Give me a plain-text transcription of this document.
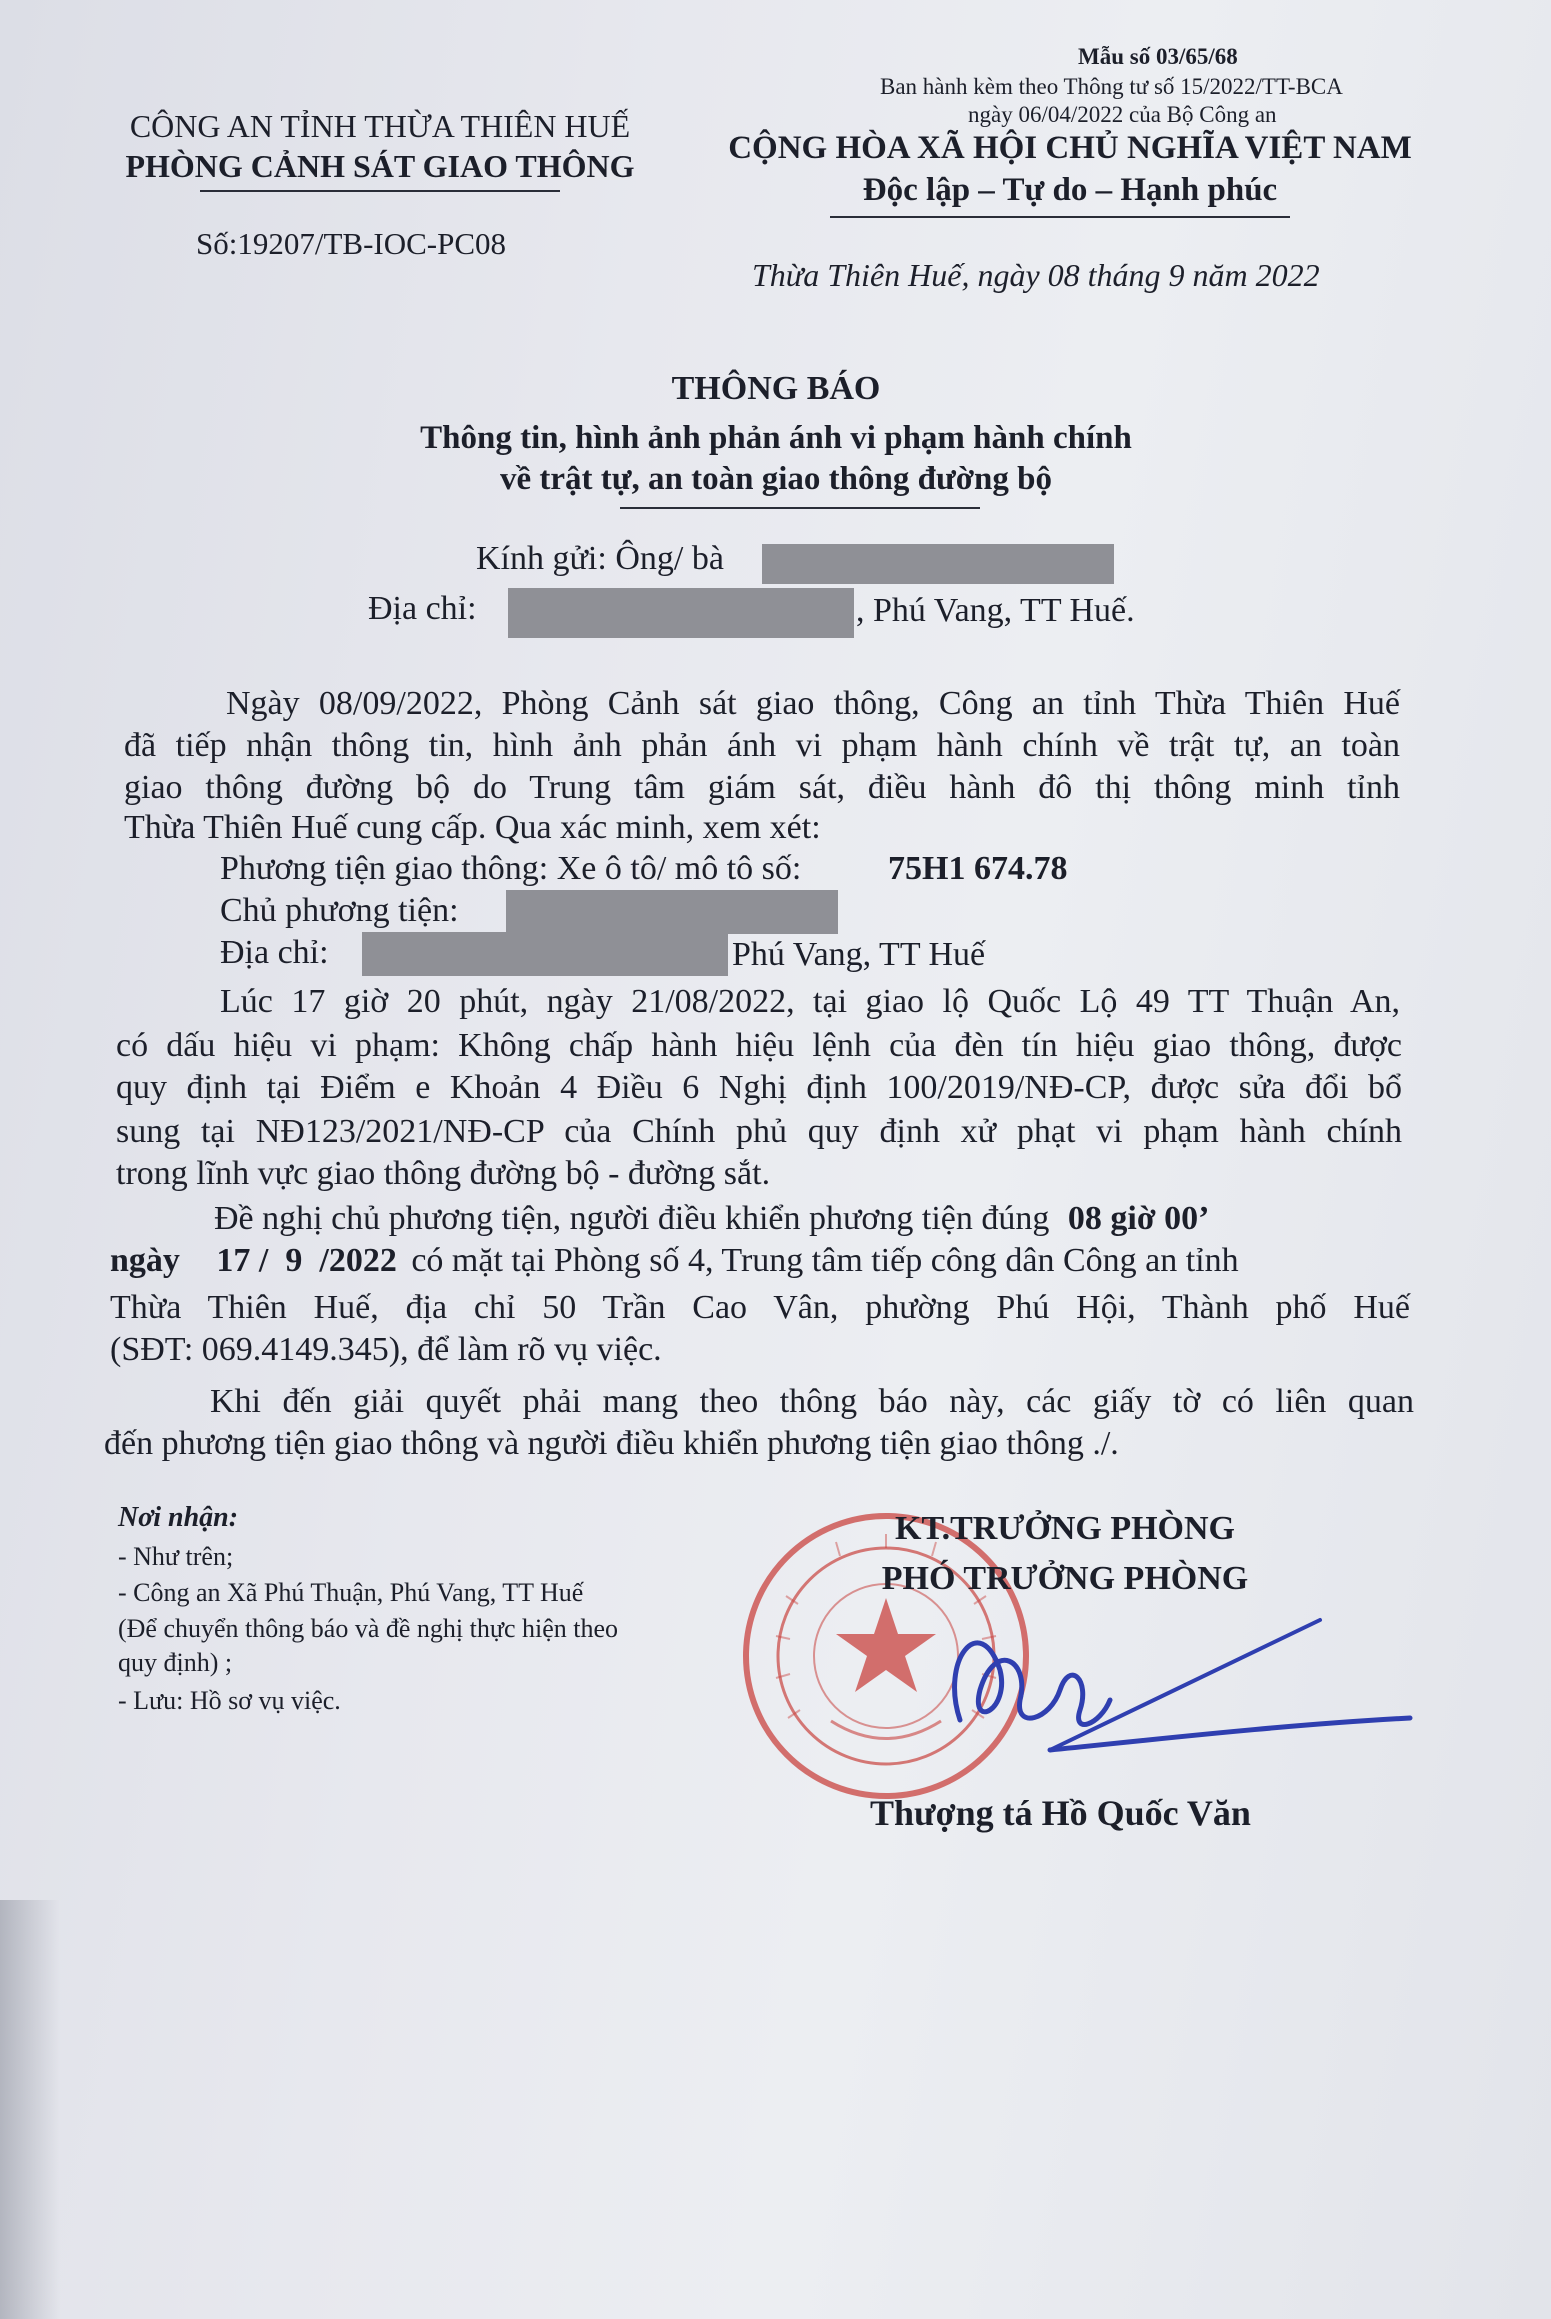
Mẫu số 03/65/68
Ban hành kèm theo Thông tư số 15/2022/TT-BCA
ngày 06/04/2022 của Bộ Công an
CÔNG AN TỈNH THỪA THIÊN HUẾ
PHÒNG CẢNH SÁT GIAO THÔNG
Số:19207/TB-IOC-PC08
CỘNG HÒA XÃ HỘI CHỦ NGHĨA VIỆT NAM
Độc lập – Tự do – Hạnh phúc
Thừa Thiên Huế, ngày 08 tháng 9 năm 2022
THÔNG BÁO
Thông tin, hình ảnh phản ánh vi phạm hành chính
về trật tự, an toàn giao thông đường bộ
Kính gửi: Ông/ bà
Địa chỉ:	, Phú Vang, TT Huế.
Ngày 08/09/2022, Phòng Cảnh sát giao thông, Công an tỉnh Thừa Thiên Huế
đã tiếp nhận thông tin, hình ảnh phản ánh vi phạm hành chính về trật tự, an toàn
giao thông đường bộ do Trung tâm giám sát, điều hành đô thị thông minh tỉnh
Thừa Thiên Huế cung cấp. Qua xác minh, xem xét:
Phương tiện giao thông: Xe ô tô/ mô tô số:	75H1 674.78
Chủ phương tiện:
Địa chỉ:	Phú Vang, TT Huế
Lúc 17 giờ 20 phút, ngày 21/08/2022, tại giao lộ Quốc Lộ 49 TT Thuận An,
có dấu hiệu vi phạm: Không chấp hành hiệu lệnh của đèn tín hiệu giao thông, được
quy định tại Điểm e Khoản 4 Điều 6 Nghị định 100/2019/NĐ-CP, được sửa đổi bổ
sung tại NĐ123/2021/NĐ-CP của Chính phủ quy định xử phạt vi phạm hành chính
trong lĩnh vực giao thông đường bộ - đường sắt.
Đề nghị chủ phương tiện, người điều khiển phương tiện đúng 08 giờ 00’
ngày 17 /  9  /2022 có mặt tại Phòng số 4, Trung tâm tiếp công dân Công an tỉnh
Thừa Thiên Huế, địa chỉ 50 Trần Cao Vân, phường Phú Hội, Thành phố Huế
(SĐT: 069.4149.345), để làm rõ vụ việc.
Khi đến giải quyết phải mang theo thông báo này, các giấy tờ có liên quan
đến phương tiện giao thông và người điều khiển phương tiện giao thông ./.
Nơi nhận:
- Như trên;
- Công an Xã Phú Thuận, Phú Vang, TT Huế
(Để chuyển thông báo và đề nghị thực hiện theo
quy định) ;
- Lưu: Hồ sơ vụ việc.
KT.TRƯỞNG PHÒNG
PHÓ TRƯỞNG PHÒNG
Thượng tá Hồ Quốc Văn
